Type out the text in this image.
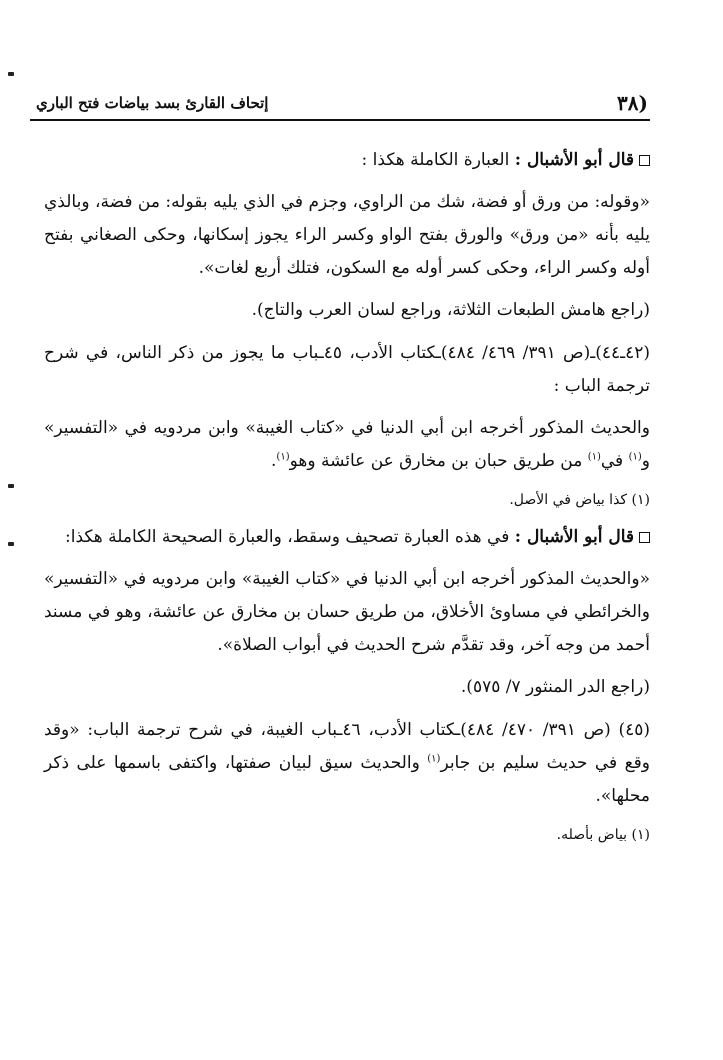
(٣٨
إتحاف القارئ بسد بياضات فتح الباري

قال أبو الأشبال : العبارة الكاملة هكذا :

«وقوله: من ورق أو فضة، شك من الراوي، وجزم في الذي يليه بقوله: من فضة، وبالذي يليه بأنه «من ورق» والورق بفتح الواو وكسر الراء يجوز إسكانها، وحكى الصغاني بفتح أوله وكسر الراء، وحكى كسر أوله مع السكون، فتلك أربع لغات».

(راجع هامش الطبعات الثلاثة، وراجع لسان العرب والتاج).

(٤٢ـ٤٤)ـ(ص ٣٩١/ ٤٦٩/ ٤٨٤)ـكتاب الأدب، ٤٥ـباب ما يجوز من ذكر الناس، في شرح ترجمة الباب :

والحديث المذكور أخرجه ابن أبي الدنيا في «كتاب الغيبة» وابن مردويه في «التفسير» و$^{(١)}$ في$^{(١)}$ من طريق حبان بن مخارق عن عائشة وهو$^{(١)}$.

(١) كذا بياض في الأصل.

قال أبو الأشبال : في هذه العبارة تصحيف وسقط، والعبارة الصحيحة الكاملة هكذا:

«والحديث المذكور أخرجه ابن أبي الدنيا في «كتاب الغيبة» وابن مردويه في «التفسير» والخرائطي في مساوئ الأخلاق، من طريق حسان بن مخارق عن عائشة، وهو في مسند أحمد من وجه آخر، وقد تقدَّم شرح الحديث في أبواب الصلاة».

(راجع الدر المنثور ٧/ ٥٧٥).

(٤٥) (ص ٣٩١/ ٤٧٠/ ٤٨٤)ـكتاب الأدب، ٤٦ـباب الغيبة، في شرح ترجمة الباب: «وقد وقع في حديث سليم بن جابر$^{(١)}$ والحديث سيق لبيان صفتها، واكتفى باسمها على ذكر محلها».

(١) بياض بأصله.
